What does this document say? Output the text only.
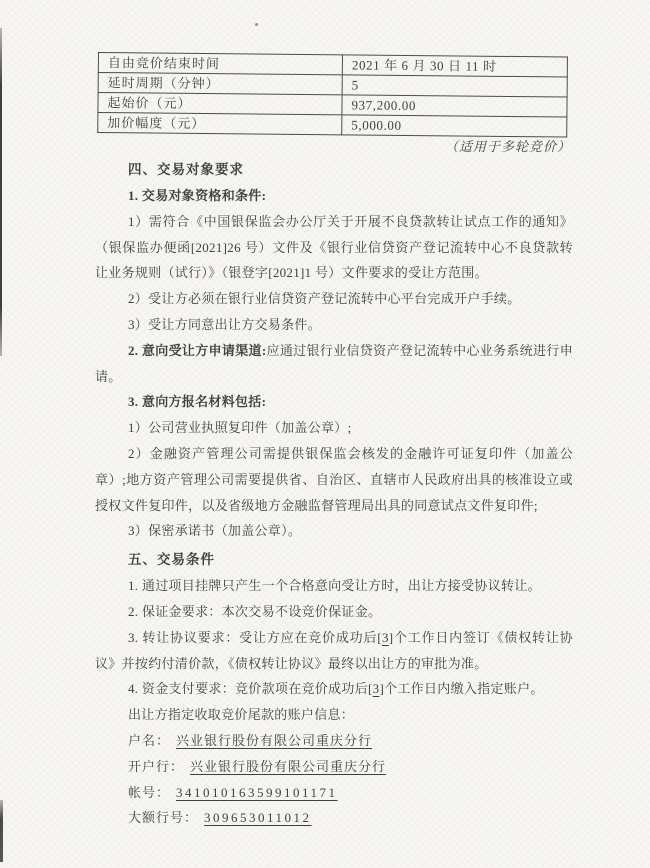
自由竞价结束时间	2021 年 6 月 30 日 11 时
延时周期（分钟）	5
起始价（元）	937,200.00
加价幅度（元）	5,000.00
（适用于多轮竞价）
四、交易对象要求

1. 交易对象资格和条件:

1）需符合《中国银保监会办公厅关于开展不良贷款转让试点工作的通知》（银保监办便函[2021]26 号）文件及《银行业信贷资产登记流转中心不良贷款转让业务规则（试行）》（银登字[2021]1 号）文件要求的受让方范围。

2）受让方必须在银行业信贷资产登记流转中心平台完成开户手续。

3）受让方同意出让方交易条件。

2. 意向受让方申请渠道:应通过银行业信贷资产登记流转中心业务系统进行申请。

3. 意向方报名材料包括:

1）公司营业执照复印件（加盖公章）;

2）金融资产管理公司需提供银保监会核发的金融许可证复印件（加盖公章）;地方资产管理公司需要提供省、自治区、直辖市人民政府出具的核准设立或授权文件复印件，以及省级地方金融监督管理局出具的同意试点文件复印件;

3）保密承诺书（加盖公章）。

五、交易条件

1. 通过项目挂牌只产生一个合格意向受让方时，出让方接受协议转让。

2. 保证金要求：本次交易不设竞价保证金。

3. 转让协议要求：受让方应在竞价成功后[3]个工作日内签订《债权转让协议》并按约付清价款，《债权转让协议》最终以出让方的审批为准。

4. 资金支付要求：竞价款项在竞价成功后[3]个工作日内缴入指定账户。

出让方指定收取竞价尾款的账户信息：

户名： 兴业银行股份有限公司重庆分行

开户行： 兴业银行股份有限公司重庆分行

帐号： 341010163599101171

大额行号： 309653011012
